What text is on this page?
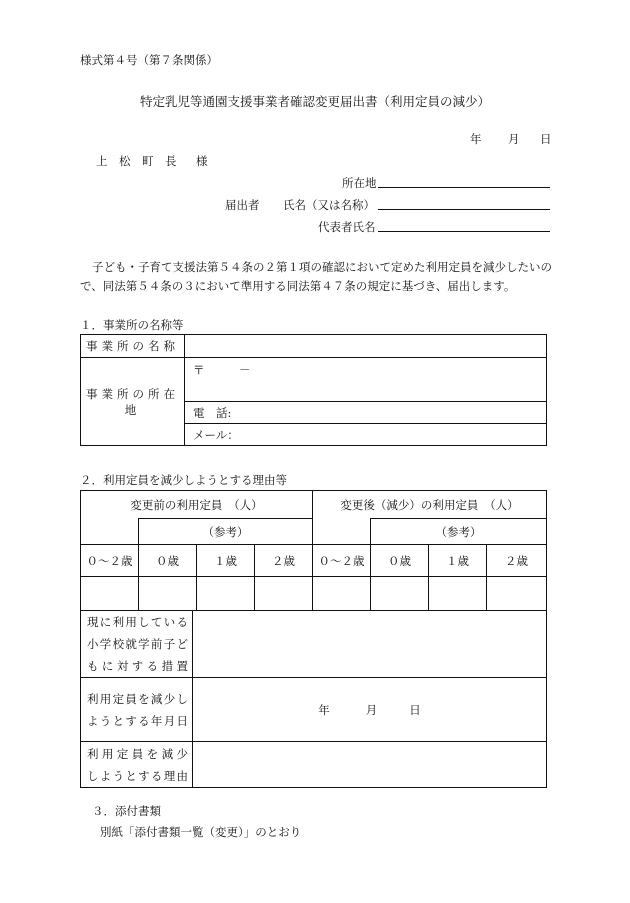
様式第４号（第７条関係）
特定乳児等通園支援事業者確認変更届出書（利用定員の減少）
年 月 日
上　松　町　長 様
所在地
届出者 氏名（又は名称）
代表者氏名
子ども・子育て支援法第５４条の２第１項の確認において定めた利用定員を減少したいの
で、同法第５４条の３において準用する同法第４７条の規定に基づき、届出します。
１．事業所の名称等
事業所の名称	
事業所の所在地	〒　　　－
	電　話:
	メール：
２．利用定員を減少しようとする理由等
変更前の利用定員　（人）				変更後（減少）の利用定員　（人）			
	（参考）				（参考）		
０～２歳	０歳	１歳	２歳	０～２歳	０歳	１歳	２歳

現に利用している
小学校就学前子ど
もに対する措置	

利用定員を減少し
ようとする年月日	年 月 日

利用定員を減少
しようとする理由	

３．添付書類
別紙「添付書類一覧（変更）」のとおり
